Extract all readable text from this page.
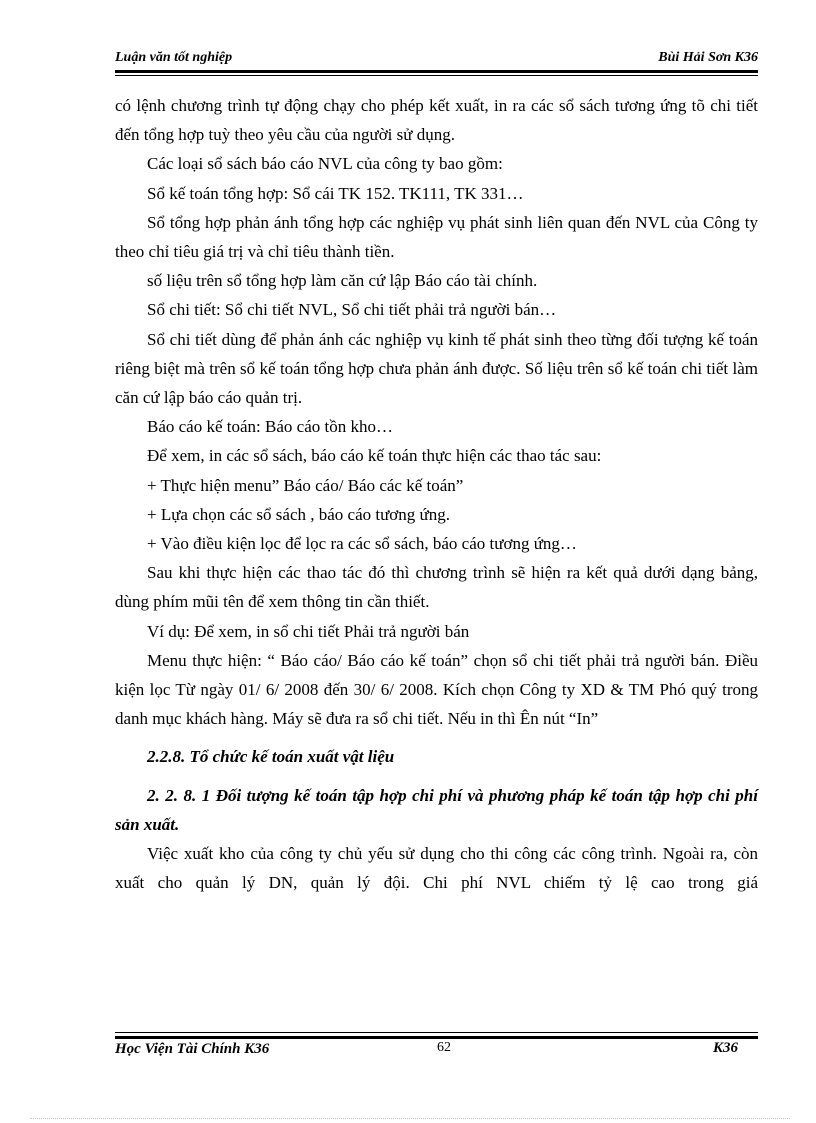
Luận văn tốt nghiệp	Bùi Hải Sơn K36

có lệnh chương trình tự động chạy cho phép kết xuất, in ra các sổ sách tương ứng tõ chi tiết đến tổng hợp tuỳ theo yêu cầu của người sử dụng.

Các loại sổ sách báo cáo NVL của công ty bao gồm:

Sổ kế toán tổng hợp: Sổ cái TK 152. TK111, TK 331…

Sổ tổng hợp phản ánh tổng hợp các nghiệp vụ phát sinh liên quan đến NVL của Công ty theo chỉ tiêu giá trị và chỉ tiêu thành tiền.

số liệu trên sổ tổng hợp làm căn cứ lập Báo cáo tài chính.

Sổ chi tiết: Sổ chi tiết NVL, Sổ chi tiết phải trả người bán…

Sổ chi tiết dùng để phản ánh các nghiệp vụ kinh tế phát sinh theo từng đối tượng kế toán riêng biệt mà trên sổ kế toán tổng hợp chưa phản ánh được. Số liệu trên sổ kế toán chi tiết làm căn cứ lập báo cáo quản trị.

Báo cáo kế toán: Báo cáo tồn kho…

Để xem, in các sổ sách, báo cáo kế toán thực hiện các thao tác sau:

+ Thực hiện menu” Báo cáo/ Báo các kế toán”

+ Lựa chọn các sổ sách , báo cáo tương ứng.

+ Vào điều kiện lọc để lọc ra các sổ sách, báo cáo tương ứng…

Sau khi thực hiện các thao tác đó thì chương trình sẽ hiện ra kết quả dưới dạng bảng, dùng phím mũi tên để xem thông tin cần thiết.

Ví dụ: Để xem, in sổ chi tiết Phải trả người bán

Menu thực hiện: “ Báo cáo/ Báo cáo kế toán” chọn sổ chi tiết phải trả người bán. Điều kiện lọc Từ ngày 01/ 6/ 2008 đến 30/ 6/ 2008. Kích chọn Công ty XD & TM Phó quý trong danh mục khách hàng. Máy sẽ đưa ra sổ chi tiết. Nếu in thì Ên nút “In”

2.2.8. Tổ chức kế toán xuất vật liệu

2. 2. 8. 1 Đối tượng kế toán tập hợp chi phí và phương pháp kế toán tập hợp chi phí sản xuất.

Việc xuất kho của công ty chủ yếu sử dụng cho thi công các công trình. Ngoài ra, còn xuất cho quản lý DN, quản lý đội. Chi phí NVL chiếm tỷ lệ cao trong giá

Học Viện Tài Chính K36	62	K36
